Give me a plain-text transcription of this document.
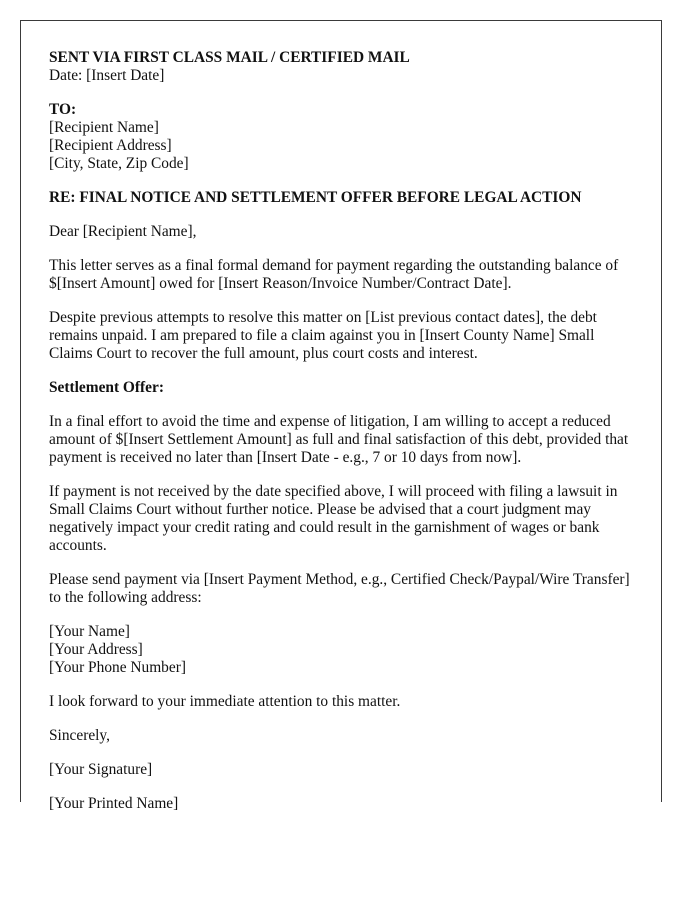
SENT VIA FIRST CLASS MAIL / CERTIFIED MAIL
Date: [Insert Date]

TO:
[Recipient Name]
[Recipient Address]
[City, State, Zip Code]

RE: FINAL NOTICE AND SETTLEMENT OFFER BEFORE LEGAL ACTION

Dear [Recipient Name],

This letter serves as a final formal demand for payment regarding the outstanding balance of $[Insert Amount] owed for [Insert Reason/Invoice Number/Contract Date].

Despite previous attempts to resolve this matter on [List previous contact dates], the debt remains unpaid. I am prepared to file a claim against you in [Insert County Name] Small Claims Court to recover the full amount, plus court costs and interest.

Settlement Offer:

In a final effort to avoid the time and expense of litigation, I am willing to accept a reduced amount of $[Insert Settlement Amount] as full and final satisfaction of this debt, provided that payment is received no later than [Insert Date - e.g., 7 or 10 days from now].

If payment is not received by the date specified above, I will proceed with filing a lawsuit in Small Claims Court without further notice. Please be advised that a court judgment may negatively impact your credit rating and could result in the garnishment of wages or bank accounts.

Please send payment via [Insert Payment Method, e.g., Certified Check/Paypal/Wire Transfer] to the following address:

[Your Name]
[Your Address]
[Your Phone Number]

I look forward to your immediate attention to this matter.

Sincerely,

[Your Signature]

[Your Printed Name]
